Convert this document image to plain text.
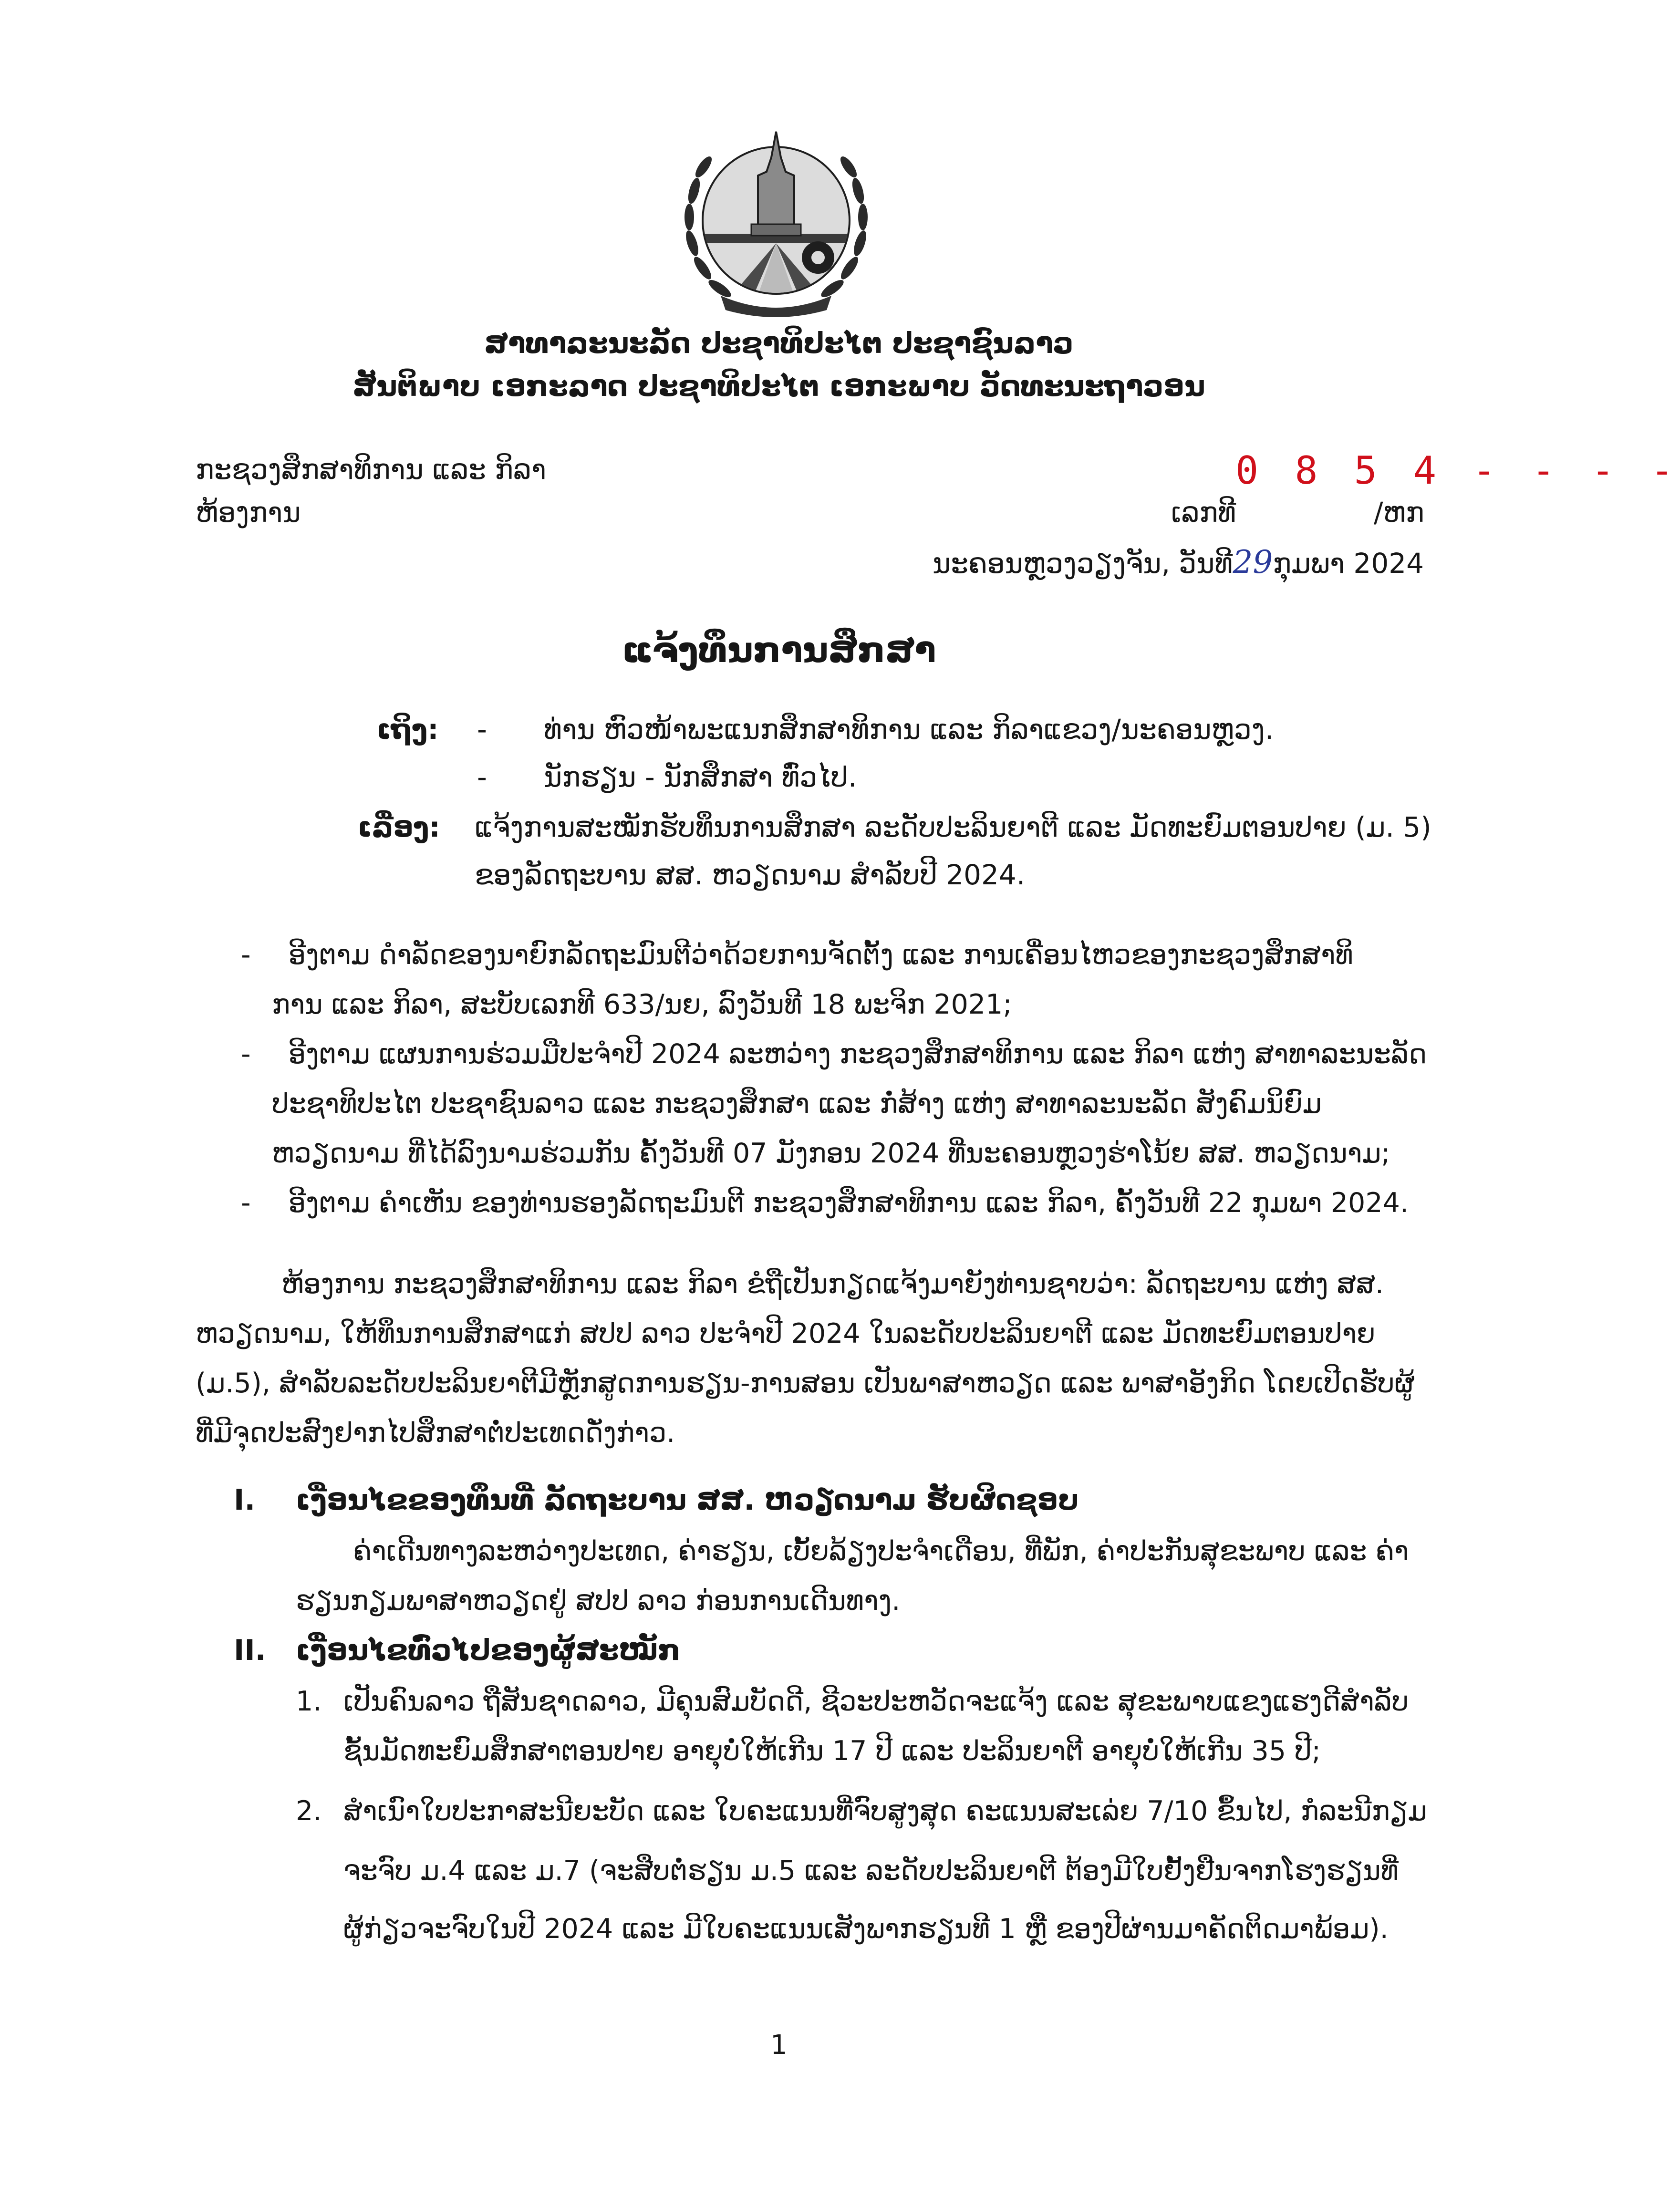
ສາທາລະນະລັດ ປະຊາທິປະໄຕ ປະຊາຊົນລາວ
ສັນຕິພາບ ເອກະລາດ ປະຊາທິປະໄຕ ເອກະພາບ ວັດທະນະຖາວອນ
ກະຊວງສຶກສາທິການ ແລະ ກິລາ
ຫ້ອງການ
0 8 5 4 - - - -
ເລກທີ	/ຫກ
ນະຄອນຫຼວງວຽງຈັນ, ວັນທີ29ກຸມພາ 2024
ແຈ້ງທຶນການສຶກສາ
ເຖິງ: - ທ່ານ ຫົວໜ້າພະແນກສຶກສາທິການ ແລະ ກິລາແຂວງ/ນະຄອນຫຼວງ.
- ນັກຮຽນ - ນັກສຶກສາ ທົ່ວໄປ.
ເລື່ອງ: ແຈ້ງການສະໝັກຮັບທຶນການສຶກສາ ລະດັບປະລິນຍາຕີ ແລະ ມັດທະຍົມຕອນປາຍ (ມ. 5)
ຂອງລັດຖະບານ ສສ. ຫວຽດນາມ ສຳລັບປີ 2024.
- ອີງຕາມ ດຳລັດຂອງນາຍົກລັດຖະມົນຕີວ່າດ້ວຍການຈັດຕັ້ງ ແລະ ການເຄື່ອນໄຫວຂອງກະຊວງສຶກສາທິ
ການ ແລະ ກິລາ, ສະບັບເລກທີ 633/ນຍ, ລົງວັນທີ 18 ພະຈິກ 2021;
- ອີງຕາມ ແຜນການຮ່ວມມືປະຈຳປີ 2024 ລະຫວ່າງ ກະຊວງສຶກສາທິການ ແລະ ກິລາ ແຫ່ງ ສາທາລະນະລັດ
ປະຊາທິປະໄຕ ປະຊາຊົນລາວ ແລະ ກະຊວງສຶກສາ ແລະ ກໍ່ສ້າງ ແຫ່ງ ສາທາລະນະລັດ ສັງຄົມນິຍົມ
ຫວຽດນາມ ທີ່ໄດ້ລົງນາມຮ່ວມກັນ ຄັ້ງວັນທີ 07 ມັງກອນ 2024 ທີ່ນະຄອນຫຼວງຮ່າໂນ້ຍ ສສ. ຫວຽດນາມ;
- ອີງຕາມ ຄຳເຫັນ ຂອງທ່ານຮອງລັດຖະມົນຕີ ກະຊວງສຶກສາທິການ ແລະ ກິລາ, ຄັ້ງວັນທີ 22 ກຸມພາ 2024.
ຫ້ອງການ ກະຊວງສຶກສາທິການ ແລະ ກິລາ ຂໍຖືເປັນກຽດແຈ້ງມາຍັງທ່ານຊາບວ່າ: ລັດຖະບານ ແຫ່ງ ສສ.
ຫວຽດນາມ, ໃຫ້ທຶນການສຶກສາແກ່ ສປປ ລາວ ປະຈຳປີ 2024 ໃນລະດັບປະລິນຍາຕີ ແລະ ມັດທະຍົມຕອນປາຍ
(ມ.5), ສຳລັບລະດັບປະລິນຍາຕີມີຫຼັກສູດການຮຽນ-ການສອນ ເປັນພາສາຫວຽດ ແລະ ພາສາອັງກິດ ໂດຍເປີດຮັບຜູ້
ທີ່ມີຈຸດປະສົງຢາກໄປສຶກສາຕໍ່ປະເທດດັ່ງກ່າວ.
I. ເງື່ອນໄຂຂອງທຶນທີ່ ລັດຖະບານ ສສ. ຫວຽດນາມ ຮັບຜິດຊອບ
ຄ່າເດີນທາງລະຫວ່າງປະເທດ, ຄ່າຮຽນ, ເບັ້ຍລ້ຽງປະຈຳເດືອນ, ທີ່ພັກ, ຄ່າປະກັນສຸຂະພາບ ແລະ ຄ່າ
ຮຽນກຽມພາສາຫວຽດຢູ່ ສປປ ລາວ ກ່ອນການເດີນທາງ.
II. ເງື່ອນໄຂທົ່ວໄປຂອງຜູ້ສະໝັກ
1. ເປັນຄົນລາວ ຖືສັນຊາດລາວ, ມີຄຸນສົມບັດດີ, ຊີວະປະຫວັດຈະແຈ້ງ ແລະ ສຸຂະພາບແຂງແຮງດີສຳລັບ
ຊັ້ນມັດທະຍົມສຶກສາຕອນປາຍ ອາຍຸບໍ່ໃຫ້ເກີນ 17 ປີ ແລະ ປະລິນຍາຕີ ອາຍຸບໍ່ໃຫ້ເກີນ 35 ປີ;
2. ສຳເນົາໃບປະກາສະນີຍະບັດ ແລະ ໃບຄະແນນທີ່ຈົບສູງສຸດ ຄະແນນສະເລ່ຍ 7/10 ຂຶ້ນໄປ, ກໍລະນີກຽມ
ຈະຈົບ ມ.4 ແລະ ມ.7 (ຈະສືບຕໍ່ຮຽນ ມ.5 ແລະ ລະດັບປະລິນຍາຕີ ຕ້ອງມີໃບຢັ້ງຢືນຈາກໂຮງຮຽນທີ່
ຜູ້ກ່ຽວຈະຈົບໃນປີ 2024 ແລະ ມີໃບຄະແນນເສັງພາກຮຽນທີ 1 ຫຼື ຂອງປີຜ່ານມາຄັດຕິດມາພ້ອມ).
1
